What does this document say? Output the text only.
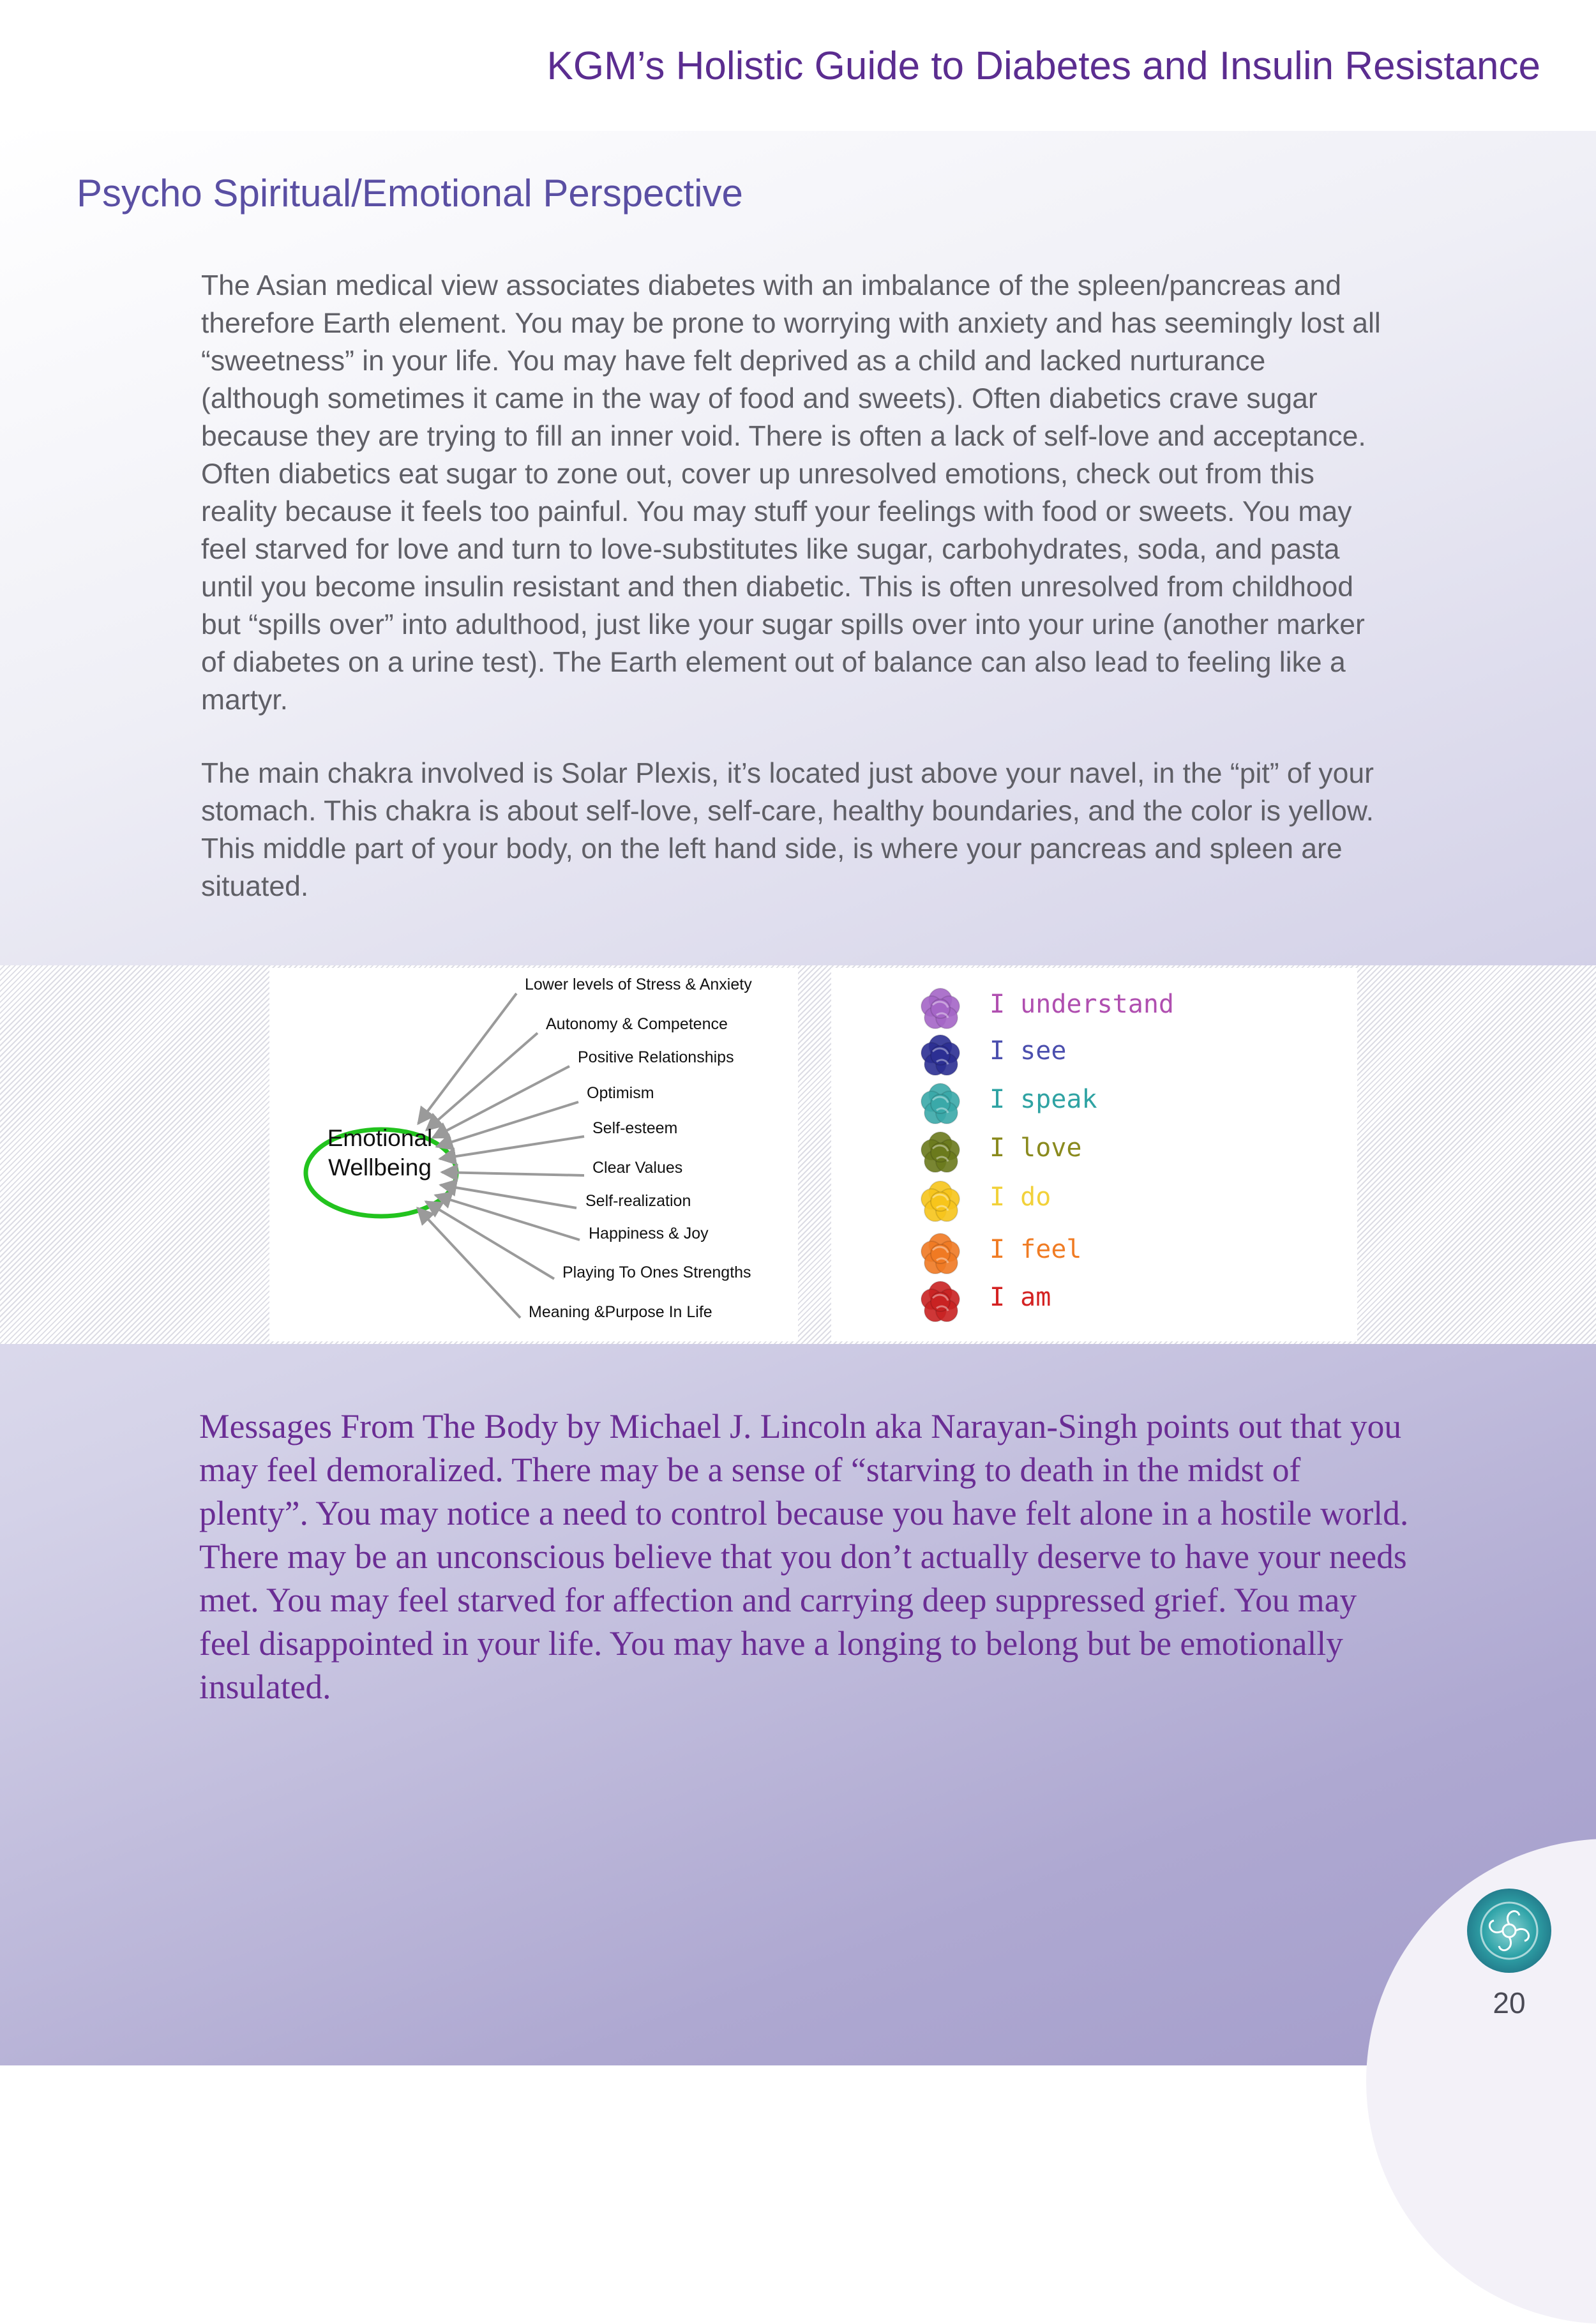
KGM’s Holistic Guide to Diabetes and Insulin Resistance
Psycho Spiritual/Emotional Perspective
The Asian medical view associates diabetes with an imbalance of the spleen/pancreas and therefore Earth element. You may be prone to worrying with anxiety and has seemingly lost all “sweetness” in your life. You may have felt deprived as a child and lacked nurturance (although sometimes it came in the way of food and sweets). Often diabetics crave sugar because they are trying to fill an inner void. There is often a lack of self-love and acceptance. Often diabetics eat sugar to zone out, cover up unresolved emotions, check out from this reality because it feels too painful. You may stuff your feelings with food or sweets. You may feel starved for love and turn to love-substitutes like sugar, carbohydrates, soda, and pasta until you become insulin resistant and then diabetic. This is often unresolved from childhood but “spills over” into adulthood, just like your sugar spills over into your urine (another marker of diabetes on a urine test). The Earth element out of balance can also lead to feeling like a martyr.
The main chakra involved is Solar Plexis, it’s located just above your navel, in the “pit” of your stomach. This chakra is about self-love, self-care, healthy boundaries, and the color is yellow. This middle part of your body, on the left hand side, is where your pancreas and spleen are situated.
Emotional
Wellbeing
Lower levels of Stress & Anxiety
Autonomy & Competence
Positive Relationships
Optimism
Self-esteem
Clear Values
Self-realization
Happiness & Joy
Playing To Ones Strengths
Meaning &Purpose In Life
I understand
I see
I speak
I love
I do
I feel
I am
Messages From The Body by Michael J. Lincoln aka Narayan-Singh points out that you may feel demoralized. There may be a sense of “starving to death in the midst of plenty”. You may notice a need to control because you have felt alone in a hostile world. There may be an unconscious believe that you don’t actually deserve to have your needs met. You may feel starved for affection and carrying deep suppressed grief. You may feel disappointed in your life. You may have a longing to belong but be emotionally insulated.
20
